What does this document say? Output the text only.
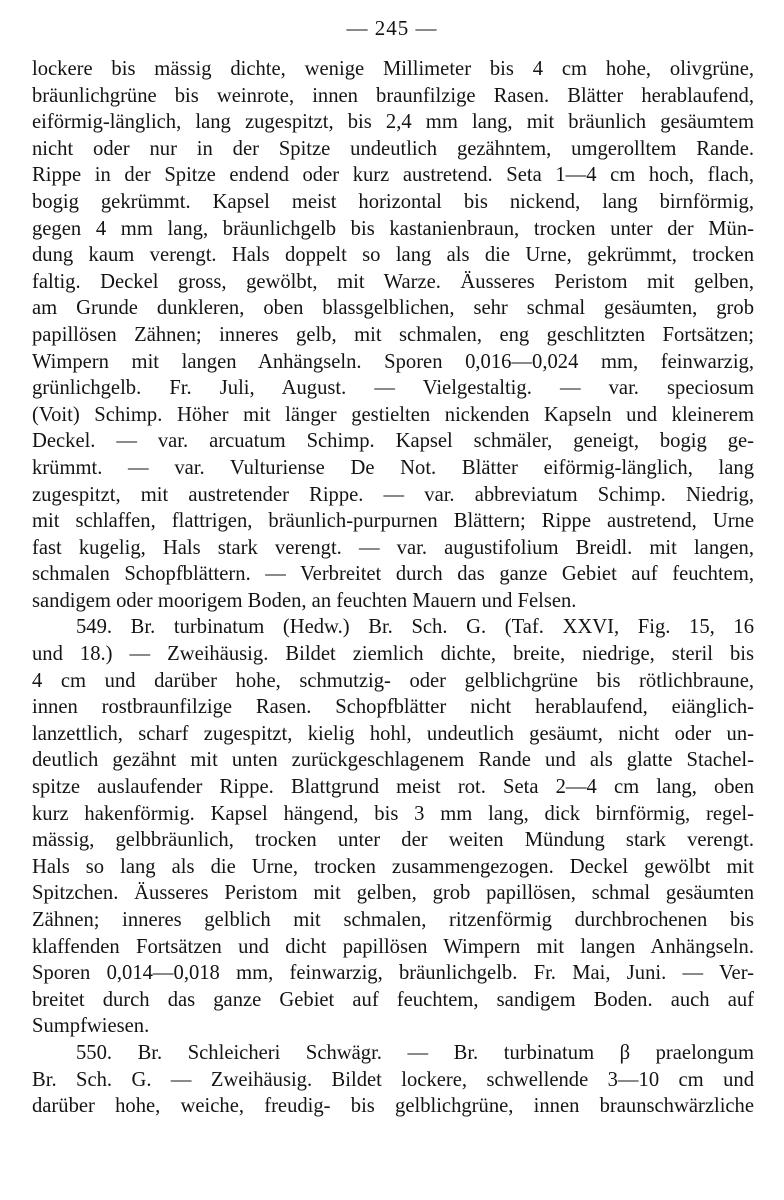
— 245 —
lockere bis mässig dichte, wenige Millimeter bis 4 cm hohe, olivgrüne,
bräunlichgrüne bis weinrote, innen braunfilzige Rasen. Blätter herablaufend,
eiförmig-länglich, lang zugespitzt, bis 2,4 mm lang, mit bräunlich gesäumtem
nicht oder nur in der Spitze undeutlich gezähntem, umgerolltem Rande.
Rippe in der Spitze endend oder kurz austretend. Seta 1—4 cm hoch, flach,
bogig gekrümmt. Kapsel meist horizontal bis nickend, lang birnförmig,
gegen 4 mm lang, bräunlichgelb bis kastanienbraun, trocken unter der Mün-
dung kaum verengt. Hals doppelt so lang als die Urne, gekrümmt, trocken
faltig. Deckel gross, gewölbt, mit Warze. Äusseres Peristom mit gelben,
am Grunde dunkleren, oben blassgelblichen, sehr schmal gesäumten, grob
papillösen Zähnen; inneres gelb, mit schmalen, eng geschlitzten Fortsätzen;
Wimpern mit langen Anhängseln. Sporen 0,016—0,024 mm, feinwarzig,
grünlichgelb. Fr. Juli, August. — Vielgestaltig. — var. speciosum
(Voit) Schimp. Höher mit länger gestielten nickenden Kapseln und kleinerem
Deckel. — var. arcuatum Schimp. Kapsel schmäler, geneigt, bogig ge-
krümmt. — var. Vulturiense De Not. Blätter eiförmig-länglich, lang
zugespitzt, mit austretender Rippe. — var. abbreviatum Schimp. Niedrig,
mit schlaffen, flattrigen, bräunlich-purpurnen Blättern; Rippe austretend, Urne
fast kugelig, Hals stark verengt. — var. augustifolium Breidl. mit langen,
schmalen Schopfblättern. — Verbreitet durch das ganze Gebiet auf feuchtem,
sandigem oder moorigem Boden, an feuchten Mauern und Felsen.
549. Br. turbinatum (Hedw.) Br. Sch. G. (Taf. XXVI, Fig. 15, 16
und 18.) — Zweihäusig. Bildet ziemlich dichte, breite, niedrige, steril bis
4 cm und darüber hohe, schmutzig- oder gelblichgrüne bis rötlichbraune,
innen rostbraunfilzige Rasen. Schopfblätter nicht herablaufend, eiänglich-
lanzettlich, scharf zugespitzt, kielig hohl, undeutlich gesäumt, nicht oder un-
deutlich gezähnt mit unten zurückgeschlagenem Rande und als glatte Stachel-
spitze auslaufender Rippe. Blattgrund meist rot. Seta 2—4 cm lang, oben
kurz hakenförmig. Kapsel hängend, bis 3 mm lang, dick birnförmig, regel-
mässig, gelbbräunlich, trocken unter der weiten Mündung stark verengt.
Hals so lang als die Urne, trocken zusammengezogen. Deckel gewölbt mit
Spitzchen. Äusseres Peristom mit gelben, grob papillösen, schmal gesäumten
Zähnen; inneres gelblich mit schmalen, ritzenförmig durchbrochenen bis
klaffenden Fortsätzen und dicht papillösen Wimpern mit langen Anhängseln.
Sporen 0,014—0,018 mm, feinwarzig, bräunlichgelb. Fr. Mai, Juni. — Ver-
breitet durch das ganze Gebiet auf feuchtem, sandigem Boden. auch auf
Sumpfwiesen.
550. Br. Schleicheri Schwägr. — Br. turbinatum β praelongum
Br. Sch. G. — Zweihäusig. Bildet lockere, schwellende 3—10 cm und
darüber hohe, weiche, freudig- bis gelblichgrüne, innen braunschwärzliche
